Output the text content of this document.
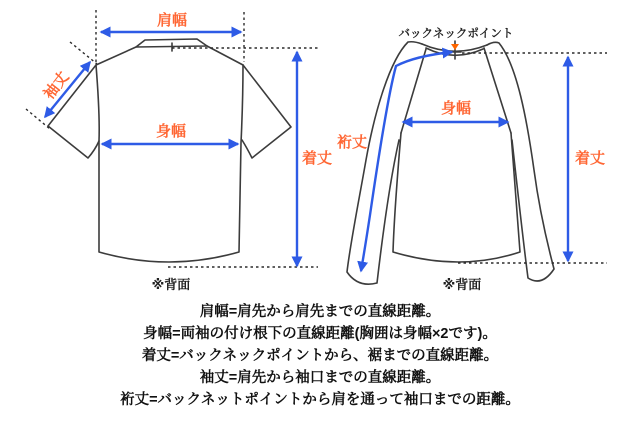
肩幅
袖丈
身幅
着丈
※背面
バックネックポイント
身幅
裄丈
着丈
※背面
肩幅=肩先から肩先までの直線距離。
身幅=両袖の付け根下の直線距離(胸囲は身幅×2です)。
着丈=バックネックポイントから、裾までの直線距離。
袖丈=肩先から袖口までの直線距離。
裄丈=バックネットポイントから肩を通って袖口までの距離。
